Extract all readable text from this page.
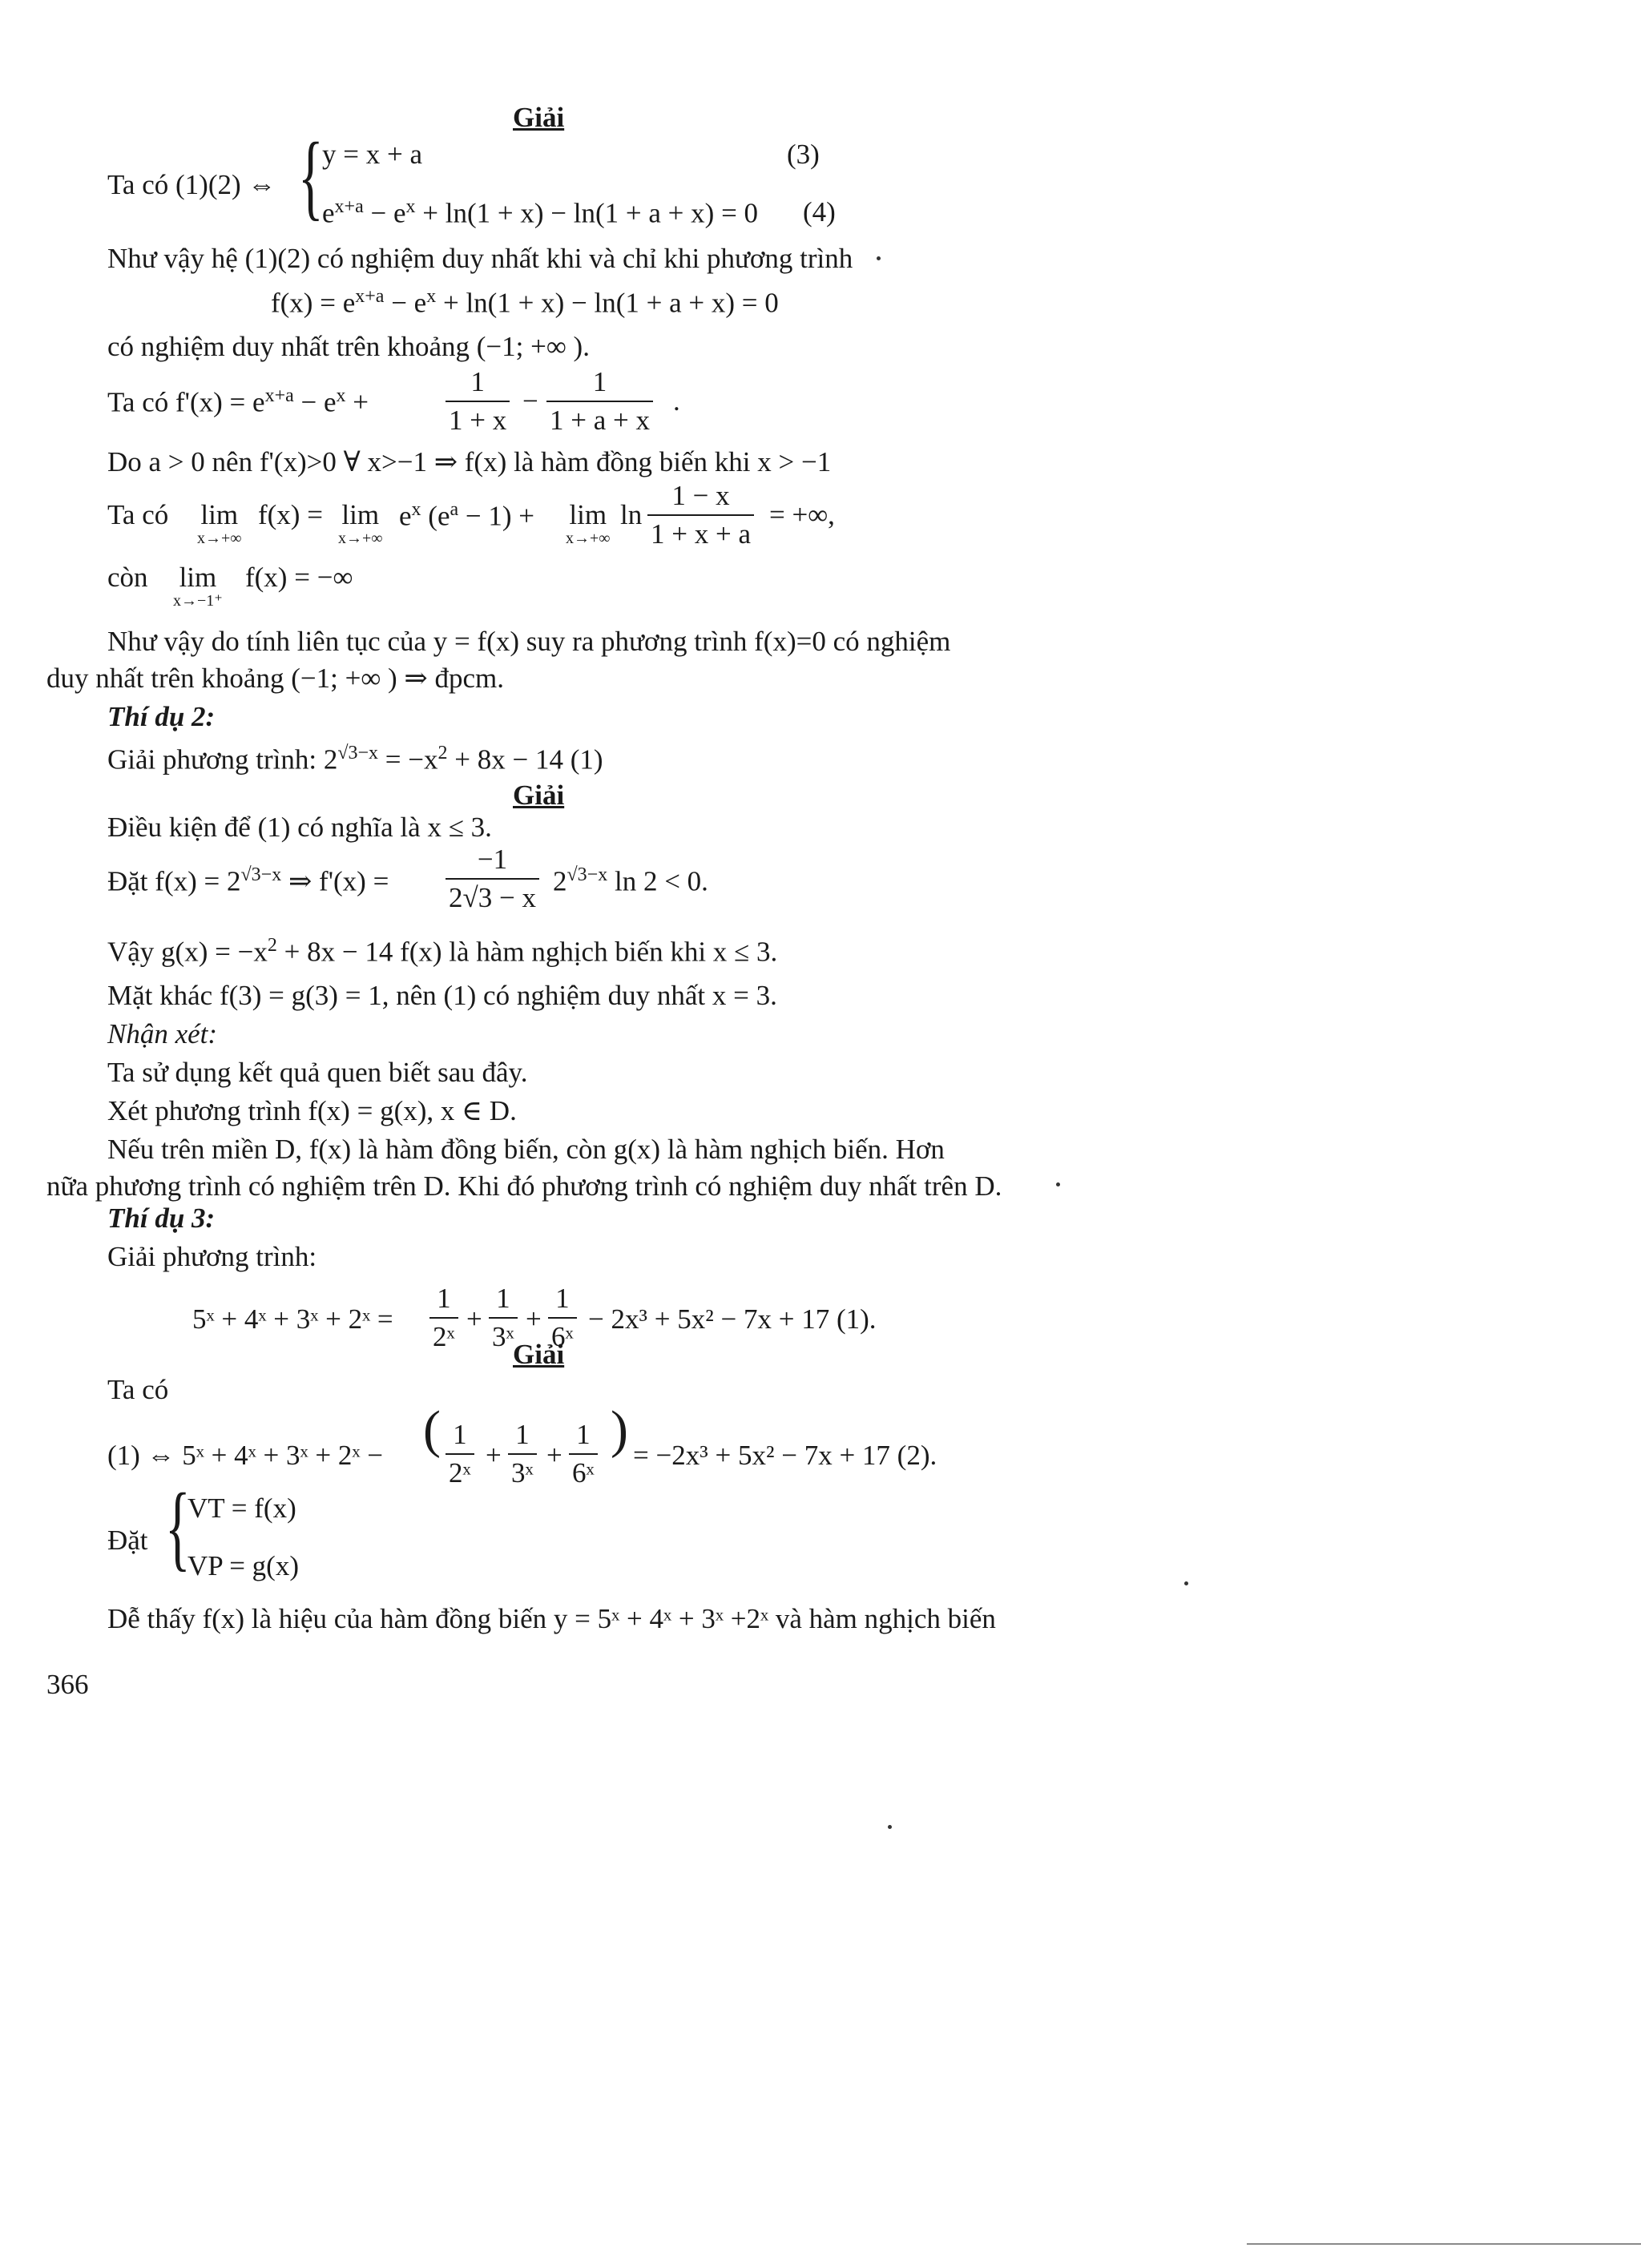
Giải
Ta có (1)(2) ⇔ {
y = x + a	(3)
$e^{x+a} - e^x + \ln(1 + x) - \ln(1 + a + x) = 0$ (4)
Như vậy hệ (1)(2) có nghiệm duy nhất khi và chỉ khi phương trình
$f(x) = e^{x+a} - e^x + \ln(1 + x) - \ln(1 + a + x) = 0$
có nghiệm duy nhất trên khoảng (−1; +∞ ).
Ta có $f'(x) = e^{x+a} - e^x$ +
1
1 + x
−
1
1 + a + x
.
Do a > 0 nên f'(x)>0 ∀ x>−1 ⇒ f(x) là hàm đồng biến khi x > −1
Ta có lim
x→+∞
f(x) = lim
x→+∞
$e^x$ $(e^a - 1) + \lim$
x→+∞
ln
1 − x
1 + x + a
= +∞,
còn lim
x→−1⁺
f(x) = −∞
Như vậy do tính liên tục của y = f(x) suy ra phương trình f(x)=0 có nghiệm
duy nhất trên khoảng (−1; +∞ ) ⇒ đpcm.
Thí dụ 2:
Giải phương trình: $2^{√3-x} = -x^2 + 8x - 14$ (1)
Giải
Điều kiện để (1) có nghĩa là x ≤ 3.
Đặt $f(x) = 2^{√3-x}$ ⇒ f'(x) =
−1
2√3 − x
$2^{√3-x}$ ln 2 < 0.
Vậy $g(x) = -x^2 + 8x - 14$ f(x) là hàm nghịch biến khi x ≤ 3.
Mặt khác f(3) = g(3) = 1, nên (1) có nghiệm duy nhất x = 3.
Nhận xét:
Ta sử dụng kết quả quen biết sau đây.
Xét phương trình f(x) = g(x), x ∈ D.
Nếu trên miền D, f(x) là hàm đồng biến, còn g(x) là hàm nghịch biến. Hơn
nữa phương trình có nghiệm trên D. Khi đó phương trình có nghiệm duy nhất trên D.
Thí dụ 3:
Giải phương trình:
5ˣ + 4ˣ + 3ˣ + 2ˣ =
1
2ˣ
+
1
3ˣ
+
1
6ˣ
− 2x³ + 5x² − 7x + 17 (1).
Giải
Ta có
(1) ⇔ 5ˣ + 4ˣ + 3ˣ + 2ˣ − ( 1
2ˣ
+
1
3ˣ
+
1
6ˣ
) = −2x³ + 5x² − 7x + 17 (2).
Đặt {
VT = f(x)
VP = g(x)
Dễ thấy f(x) là hiệu của hàm đồng biến y = 5ˣ + 4ˣ + 3ˣ +2ˣ và hàm nghịch biến
366
